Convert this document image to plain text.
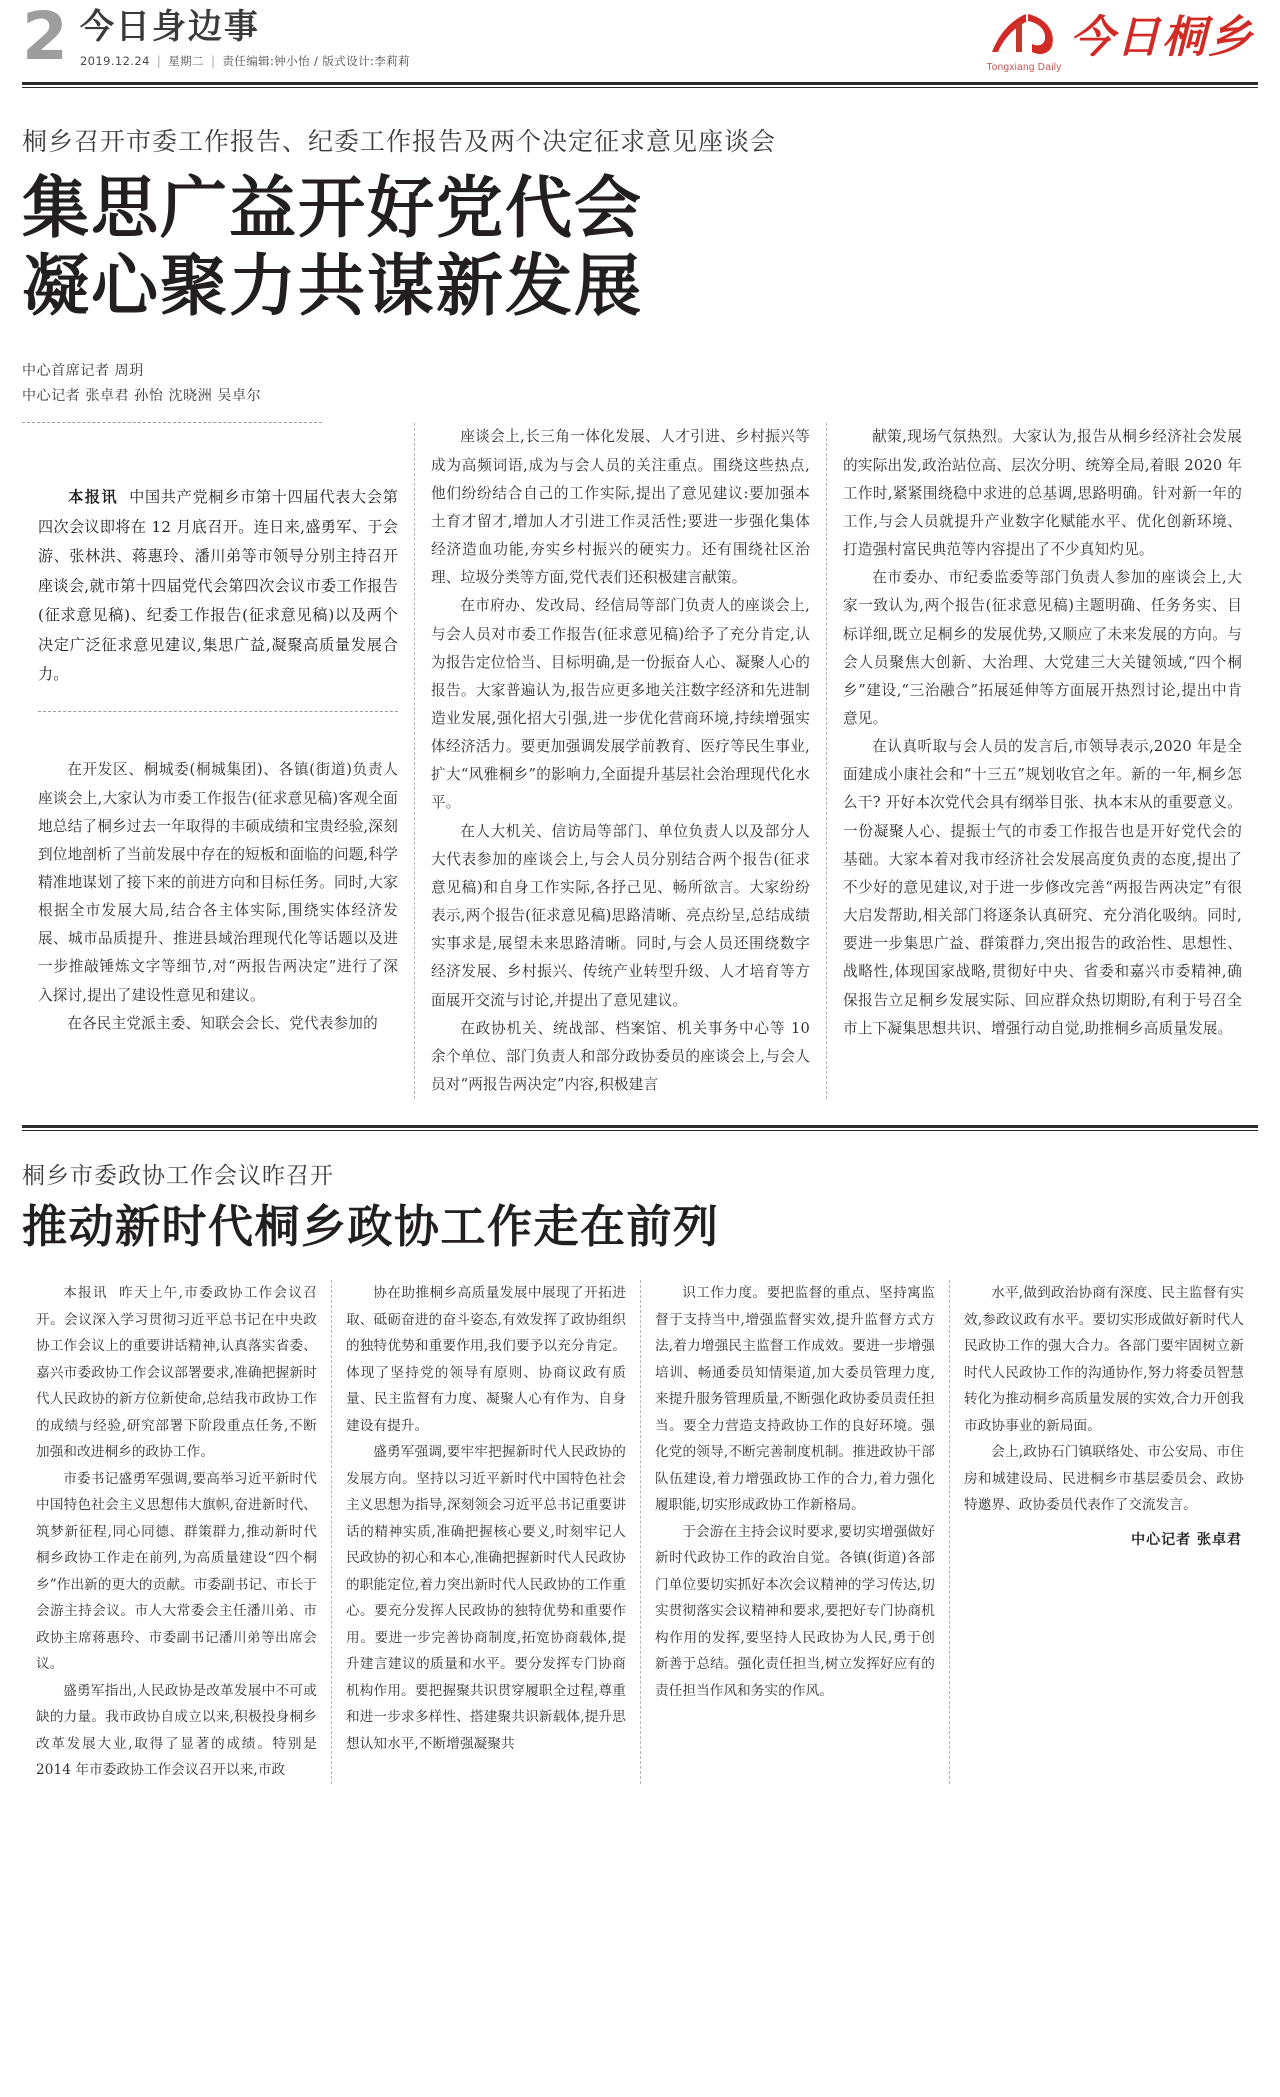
2 今日身边事
2019.12.24 | 星期二 | 责任编辑:钟小怡 / 版式设计:李莉莉	Tongxiang Daily
今日桐乡
桐乡召开市委工作报告、纪委工作报告及两个决定征求意见座谈会
集思广益开好党代会
凝心聚力共谋新发展
中心首席记者 周玥
中心记者 张卓君 孙怡 沈晓洲 吴卓尔

本报讯 中国共产党桐乡市第十四届代表大会第四次会议即将在 12 月底召开。连日来,盛勇军、于会游、张林洪、蒋惠玲、潘川弟等市领导分别主持召开座谈会,就市第十四届党代会第四次会议市委工作报告(征求意见稿)、纪委工作报告(征求意见稿)以及两个决定广泛征求意见建议,集思广益,凝聚高质量发展合力。

在开发区、桐城委(桐城集团)、各镇(街道)负责人座谈会上,大家认为市委工作报告(征求意见稿)客观全面地总结了桐乡过去一年取得的丰硕成绩和宝贵经验,深刻到位地剖析了当前发展中存在的短板和面临的问题,科学精准地谋划了接下来的前进方向和目标任务。同时,大家根据全市发展大局,结合各主体实际,围绕实体经济发展、城市品质提升、推进县域治理现代化等话题以及进一步推敲锤炼文字等细节,对“两报告两决定”进行了深入探讨,提出了建设性意见和建议。

在各民主党派主委、知联会会长、党代表参加的

座谈会上,长三角一体化发展、人才引进、乡村振兴等成为高频词语,成为与会人员的关注重点。围绕这些热点,他们纷纷结合自己的工作实际,提出了意见建议:要加强本土育才留才,增加人才引进工作灵活性;要进一步强化集体经济造血功能,夯实乡村振兴的硬实力。还有围绕社区治理、垃圾分类等方面,党代表们还积极建言献策。

在市府办、发改局、经信局等部门负责人的座谈会上,与会人员对市委工作报告(征求意见稿)给予了充分肯定,认为报告定位恰当、目标明确,是一份振奋人心、凝聚人心的报告。大家普遍认为,报告应更多地关注数字经济和先进制造业发展,强化招大引强,进一步优化营商环境,持续增强实体经济活力。要更加强调发展学前教育、医疗等民生事业,扩大“风雅桐乡”的影响力,全面提升基层社会治理现代化水平。

在人大机关、信访局等部门、单位负责人以及部分人大代表参加的座谈会上,与会人员分别结合两个报告(征求意见稿)和自身工作实际,各抒己见、畅所欲言。大家纷纷表示,两个报告(征求意见稿)思路清晰、亮点纷呈,总结成绩实事求是,展望未来思路清晰。同时,与会人员还围绕数字经济发展、乡村振兴、传统产业转型升级、人才培育等方面展开交流与讨论,并提出了意见建议。

在政协机关、统战部、档案馆、机关事务中心等 10 余个单位、部门负责人和部分政协委员的座谈会上,与会人员对“两报告两决定”内容,积极建言

献策,现场气氛热烈。大家认为,报告从桐乡经济社会发展的实际出发,政治站位高、层次分明、统筹全局,着眼 2020 年工作时,紧紧围绕稳中求进的总基调,思路明确。针对新一年的工作,与会人员就提升产业数字化赋能水平、优化创新环境、打造强村富民典范等内容提出了不少真知灼见。

在市委办、市纪委监委等部门负责人参加的座谈会上,大家一致认为,两个报告(征求意见稿)主题明确、任务务实、目标详细,既立足桐乡的发展优势,又顺应了未来发展的方向。与会人员聚焦大创新、大治理、大党建三大关键领域,“四个桐乡”建设,“三治融合”拓展延伸等方面展开热烈讨论,提出中肯意见。

在认真听取与会人员的发言后,市领导表示,2020 年是全面建成小康社会和“十三五”规划收官之年。新的一年,桐乡怎么干? 开好本次党代会具有纲举目张、执本末从的重要意义。一份凝聚人心、提振士气的市委工作报告也是开好党代会的基础。大家本着对我市经济社会发展高度负责的态度,提出了不少好的意见建议,对于进一步修改完善“两报告两决定”有很大启发帮助,相关部门将逐条认真研究、充分消化吸纳。同时,要进一步集思广益、群策群力,突出报告的政治性、思想性、战略性,体现国家战略,贯彻好中央、省委和嘉兴市委精神,确保报告立足桐乡发展实际、回应群众热切期盼,有利于号召全市上下凝集思想共识、增强行动自觉,助推桐乡高质量发展。

桐乡市委政协工作会议昨召开
推动新时代桐乡政协工作走在前列

本报讯 昨天上午,市委政协工作会议召开。会议深入学习贯彻习近平总书记在中央政协工作会议上的重要讲话精神,认真落实省委、嘉兴市委政协工作会议部署要求,准确把握新时代人民政协的新方位新使命,总结我市政协工作的成绩与经验,研究部署下阶段重点任务,不断加强和改进桐乡的政协工作。

市委书记盛勇军强调,要高举习近平新时代中国特色社会主义思想伟大旗帜,奋进新时代、筑梦新征程,同心同德、群策群力,推动新时代桐乡政协工作走在前列,为高质量建设“四个桐乡”作出新的更大的贡献。市委副书记、市长于会游主持会议。市人大常委会主任潘川弟、市政协主席蒋惠玲、市委副书记潘川弟等出席会议。

盛勇军指出,人民政协是改革发展中不可或缺的力量。我市政协自成立以来,积极投身桐乡改革发展大业,取得了显著的成绩。特别是 2014 年市委政协工作会议召开以来,市政

协在助推桐乡高质量发展中展现了开拓进取、砥砺奋进的奋斗姿态,有效发挥了政协组织的独特优势和重要作用,我们要予以充分肯定。体现了坚持党的领导有原则、协商议政有质量、民主监督有力度、凝聚人心有作为、自身建设有提升。

盛勇军强调,要牢牢把握新时代人民政协的发展方向。坚持以习近平新时代中国特色社会主义思想为指导,深刻领会习近平总书记重要讲话的精神实质,准确把握核心要义,时刻牢记人民政协的初心和本心,准确把握新时代人民政协的职能定位,着力突出新时代人民政协的工作重心。要充分发挥人民政协的独特优势和重要作用。要进一步完善协商制度,拓宽协商载体,提升建言建议的质量和水平。要分发挥专门协商机构作用。要把握聚共识贯穿履职全过程,尊重和进一步求多样性、搭建聚共识新载体,提升思想认知水平,不断增强凝聚共

识工作力度。要把监督的重点、坚持寓监督于支持当中,增强监督实效,提升监督方式方法,着力增强民主监督工作成效。要进一步增强培训、畅通委员知情渠道,加大委员管理力度,来提升服务管理质量,不断强化政协委员责任担当。要全力营造支持政协工作的良好环境。强化党的领导,不断完善制度机制。推进政协干部队伍建设,着力增强政协工作的合力,着力强化履职能,切实形成政协工作新格局。

于会游在主持会议时要求,要切实增强做好新时代政协工作的政治自觉。各镇(街道)各部门单位要切实抓好本次会议精神的学习传达,切实贯彻落实会议精神和要求,要把好专门协商机构作用的发挥,要坚持人民政协为人民,勇于创新善于总结。强化责任担当,树立发挥好应有的责任担当作风和务实的作风。

水平,做到政治协商有深度、民主监督有实效,参政议政有水平。要切实形成做好新时代人民政协工作的强大合力。各部门要牢固树立新时代人民政协工作的沟通协作,努力将委员智慧转化为推动桐乡高质量发展的实效,合力开创我市政协事业的新局面。

会上,政协石门镇联络处、市公安局、市住房和城建设局、民进桐乡市基层委员会、政协特邀界、政协委员代表作了交流发言。

中心记者 张卓君
